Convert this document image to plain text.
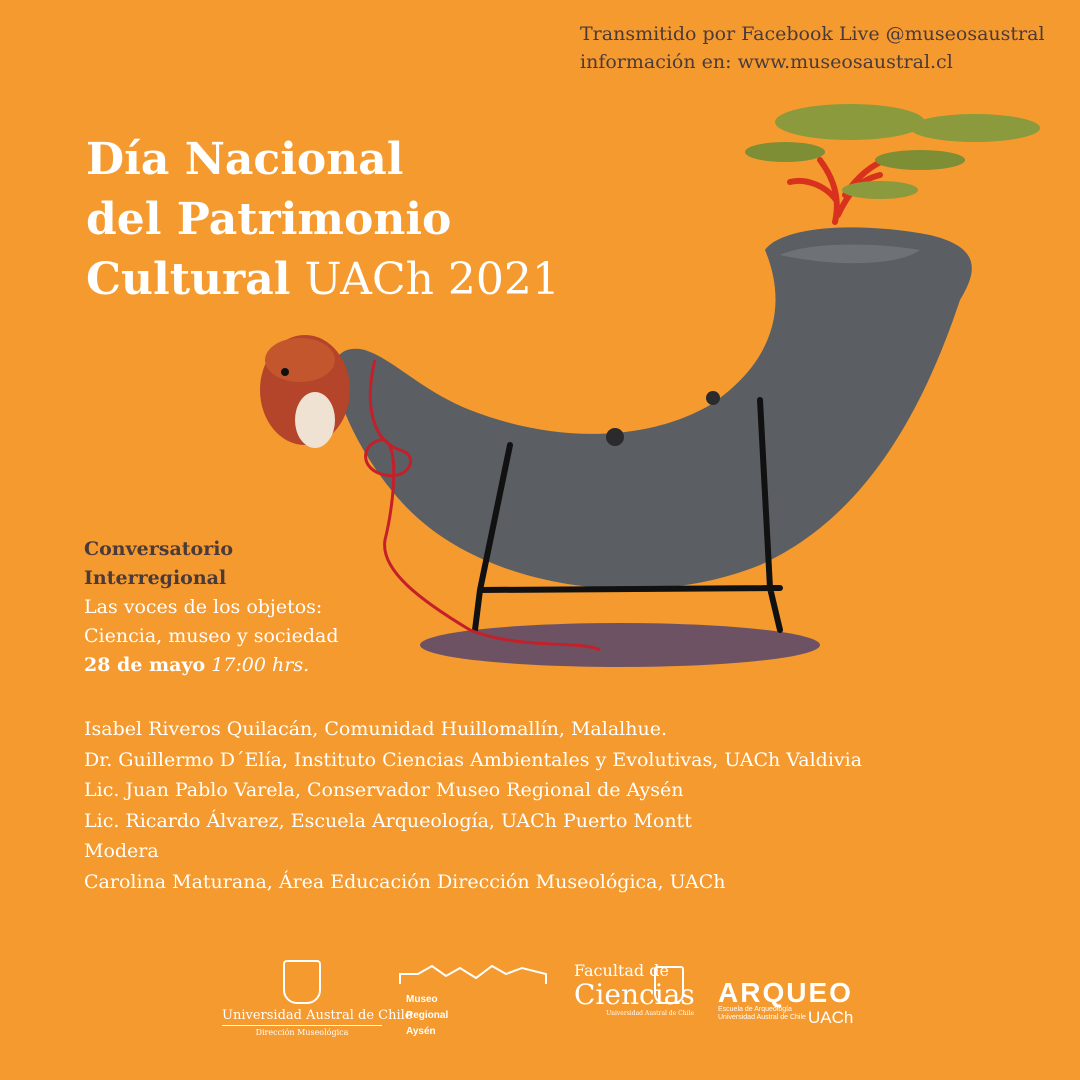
Transmitido por Facebook Live @museosaustral
información en: www.museosaustral.cl
Día Nacional
del Patrimonio
Cultural UACh 2021
Conversatorio
Interregional
Las voces de los objetos:
Ciencia, museo y sociedad
28 de mayo 17:00 hrs.
Isabel Riveros Quilacán, Comunidad Huillomallín, Malalhue.
Dr. Guillermo D´Elía, Instituto Ciencias Ambientales y Evolutivas, UACh Valdivia
Lic. Juan Pablo Varela, Conservador Museo Regional de Aysén
Lic. Ricardo Álvarez, Escuela Arqueología, UACh Puerto Montt
Modera
Carolina Maturana, Área Educación Dirección Museológica, UACh
Universidad Austral de Chile
Dirección Museológica
Museo
Regional
Aysén
Facultad de
Ciencias
Universidad Austral de Chile
ARQUEO
Escuela de Arqueología
Universidad Austral de Chile UACh
